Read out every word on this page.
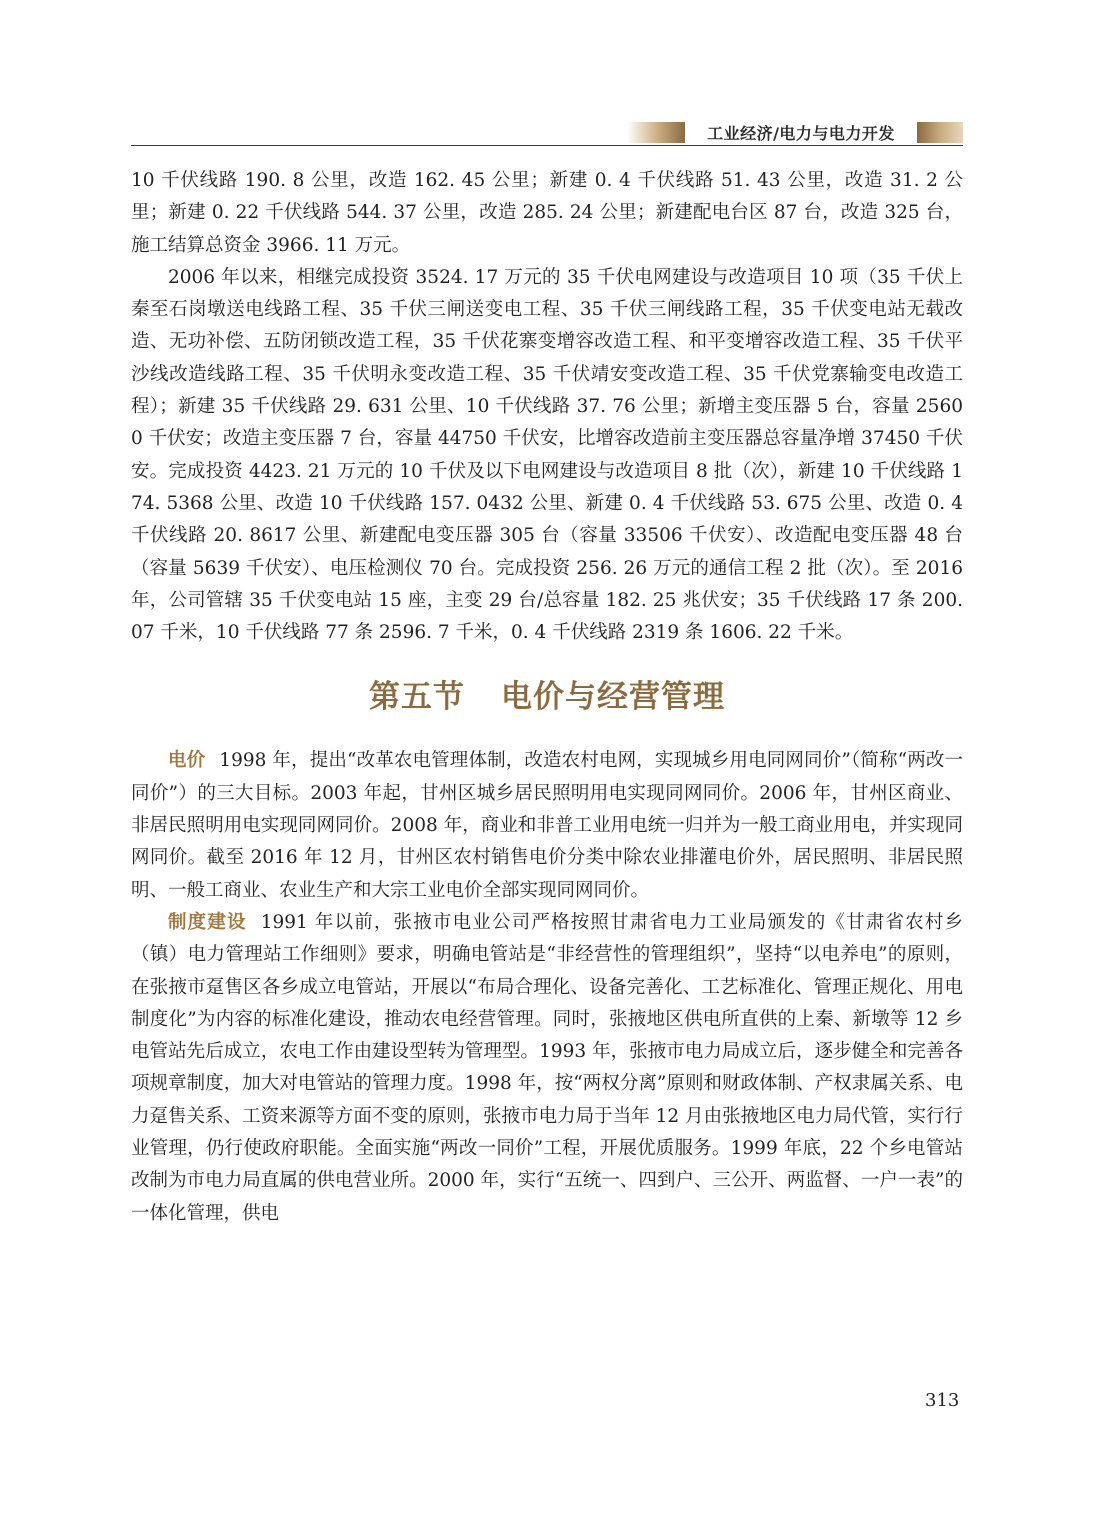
工业经济/电力与电力开发

10 千伏线路 190. 8 公里，改造 162. 45 公里；新建 0. 4 千伏线路 51. 43 公里，改造 31. 2 公里；新建 0. 22 千伏线路 544. 37 公里，改造 285. 24 公里；新建配电台区 87 台，改造 325 台，施工结算总资金 3966. 11 万元。

2006 年以来，相继完成投资 3524. 17 万元的 35 千伏电网建设与改造项目 10 项（35 千伏上秦至石岗墩送电线路工程、35 千伏三闸送变电工程、35 千伏三闸线路工程，35 千伏变电站无载改造、无功补偿、五防闭锁改造工程，35 千伏花寨变增容改造工程、和平变增容改造工程、35 千伏平沙线改造线路工程、35 千伏明永变改造工程、35 千伏靖安变改造工程、35 千伏党寨输变电改造工程）；新建 35 千伏线路 29. 631 公里、10 千伏线路 37. 76 公里；新增主变压器 5 台，容量 25600 千伏安；改造主变压器 7 台，容量 44750 千伏安，比增容改造前主变压器总容量净增 37450 千伏安。完成投资 4423. 21 万元的 10 千伏及以下电网建设与改造项目 8 批（次），新建 10 千伏线路 174. 5368 公里、改造 10 千伏线路 157. 0432 公里、新建 0. 4 千伏线路 53. 675 公里、改造 0. 4 千伏线路 20. 8617 公里、新建配电变压器 305 台（容量 33506 千伏安）、改造配电变压器 48 台（容量 5639 千伏安）、电压检测仪 70 台。完成投资 256. 26 万元的通信工程 2 批（次）。至 2016 年，公司管辖 35 千伏变电站 15 座，主变 29 台/总容量 182. 25 兆伏安；35 千伏线路 17 条 200. 07 千米，10 千伏线路 77 条 2596. 7 千米，0. 4 千伏线路 2319 条 1606. 22 千米。

第五节 电价与经营管理

电价 1998 年，提出“改革农电管理体制，改造农村电网，实现城乡用电同网同价”（简称“两改一同价”）的三大目标。2003 年起，甘州区城乡居民照明用电实现同网同价。2006 年，甘州区商业、非居民照明用电实现同网同价。2008 年，商业和非普工业用电统一归并为一般工商业用电，并实现同网同价。截至 2016 年 12 月，甘州区农村销售电价分类中除农业排灌电价外，居民照明、非居民照明、一般工商业、农业生产和大宗工业电价全部实现同网同价。

制度建设 1991 年以前，张掖市电业公司严格按照甘肃省电力工业局颁发的《甘肃省农村乡（镇）电力管理站工作细则》要求，明确电管站是“非经营性的管理组织”，坚持“以电养电”的原则，在张掖市趸售区各乡成立电管站，开展以“布局合理化、设备完善化、工艺标准化、管理正规化、用电制度化”为内容的标准化建设，推动农电经营管理。同时，张掖地区供电所直供的上秦、新墩等 12 乡电管站先后成立，农电工作由建设型转为管理型。1993 年，张掖市电力局成立后，逐步健全和完善各项规章制度，加大对电管站的管理力度。1998 年，按“两权分离”原则和财政体制、产权隶属关系、电力趸售关系、工资来源等方面不变的原则，张掖市电力局于当年 12 月由张掖地区电力局代管，实行行业管理，仍行使政府职能。全面实施“两改一同价”工程，开展优质服务。1999 年底，22 个乡电管站改制为市电力局直属的供电营业所。2000 年，实行“五统一、四到户、三公开、两监督、一户一表”的一体化管理，供电

313
